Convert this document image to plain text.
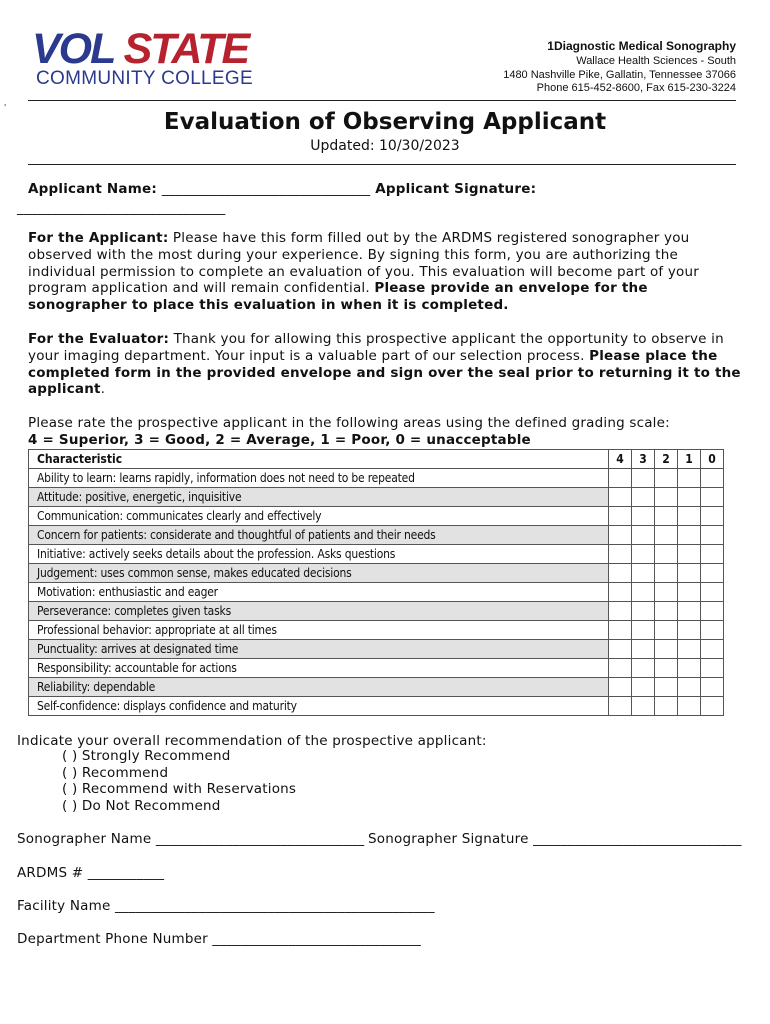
VOL STATE
COMMUNITY COLLEGE
1Diagnostic Medical Sonography
Wallace Health Sciences - South
1480 Nashville Pike, Gallatin, Tennessee 37066
Phone 615-452-8600, Fax 615-230-3224
'
Evaluation of Observing Applicant
Updated: 10/30/2023
Applicant Name: ______________________________ Applicant Signature:
______________________________
For the Applicant: Please have this form filled out by the ARDMS registered sonographer you observed with the most during your experience. By signing this form, you are authorizing the individual permission to complete an evaluation of you. This evaluation will become part of your program application and will remain confidential. Please provide an envelope for the sonographer to place this evaluation in when it is completed.
For the Evaluator: Thank you for allowing this prospective applicant the opportunity to observe in your imaging department. Your input is a valuable part of our selection process. Please place the completed form in the provided envelope and sign over the seal prior to returning it to the applicant.
Please rate the prospective applicant in the following areas using the defined grading scale:
4 = Superior, 3 = Good, 2 = Average, 1 = Poor, 0 = unacceptable
Characteristic	4	3	2	1	0
Ability to learn: learns rapidly, information does not need to be repeated					
Attitude: positive, energetic, inquisitive					
Communication: communicates clearly and effectively					
Concern for patients: considerate and thoughtful of patients and their needs					
Initiative: actively seeks details about the profession. Asks questions					
Judgement: uses common sense, makes educated decisions					
Motivation: enthusiastic and eager					
Perseverance: completes given tasks					
Professional behavior: appropriate at all times					
Punctuality: arrives at designated time					
Responsibility: accountable for actions					
Reliability: dependable					
Self-confidence: displays confidence and maturity					
Indicate your overall recommendation of the prospective applicant:
( ) Strongly Recommend
( ) Recommend
( ) Recommend with Reservations
( ) Do Not Recommend
Sonographer Name ______________________________ Sonographer Signature ______________________________
ARDMS # ___________
Facility Name ______________________________________________
Department Phone Number ______________________________
